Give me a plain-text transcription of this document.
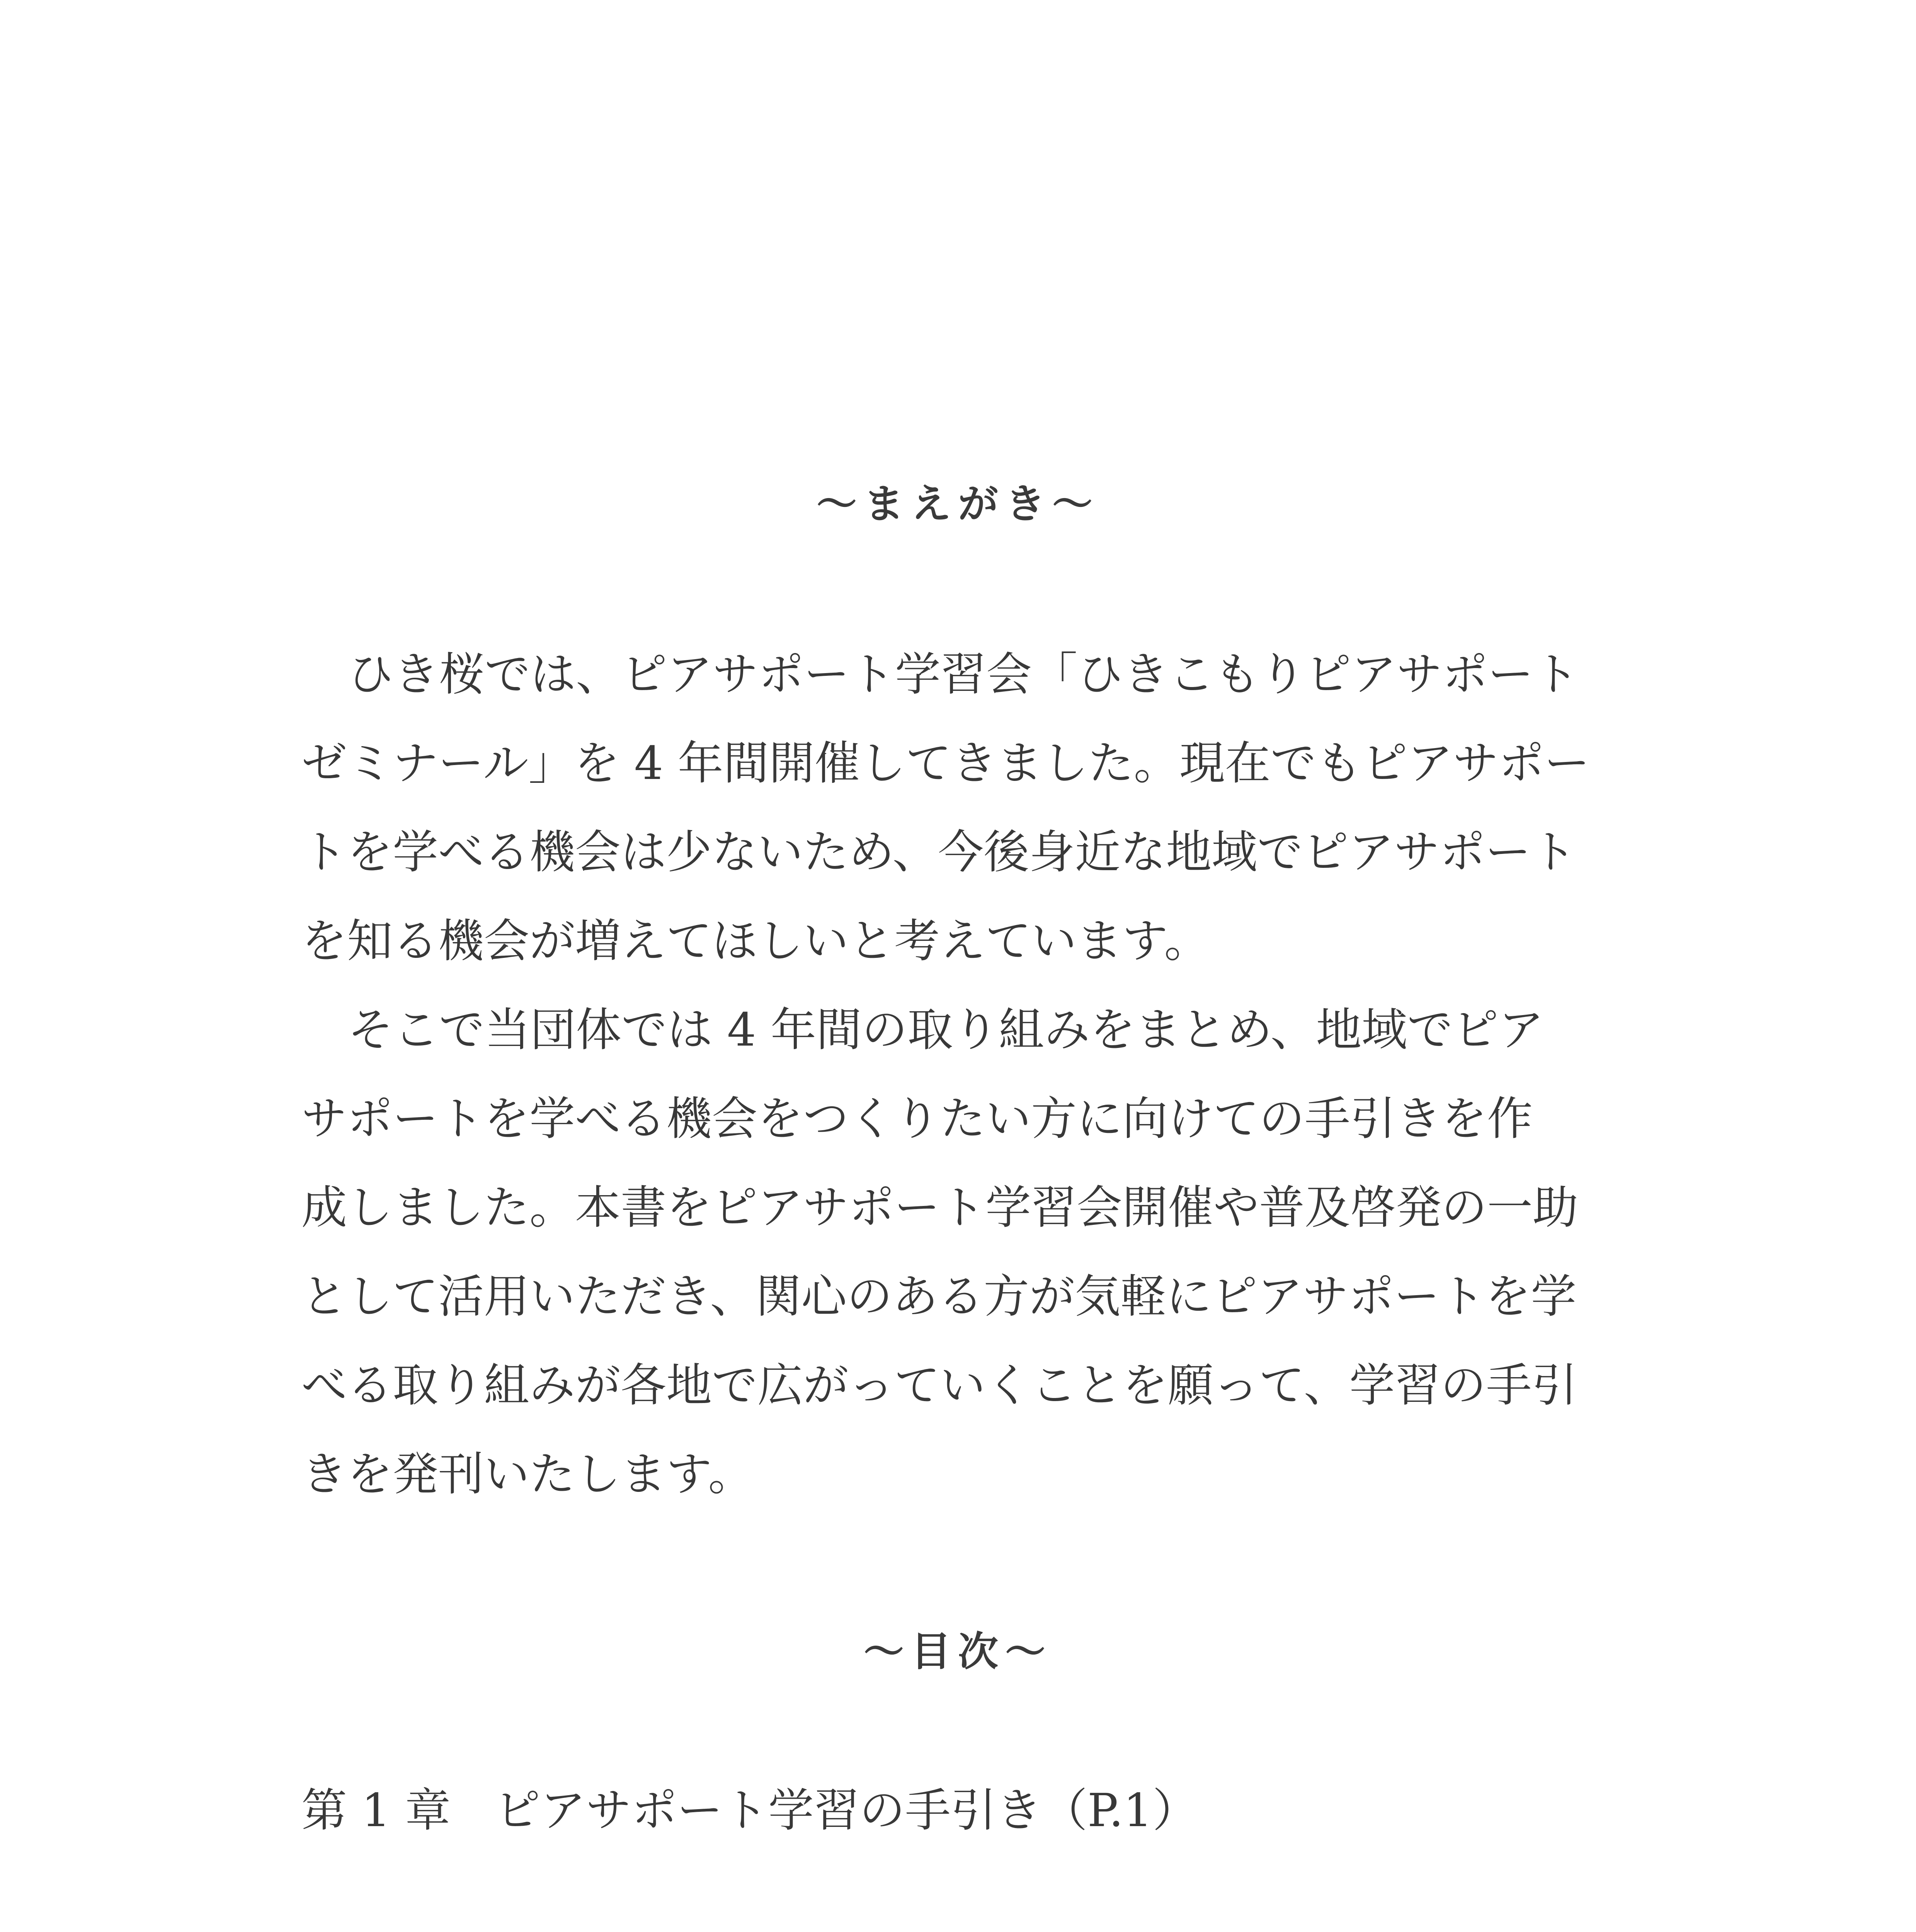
～まえがき～
ひき桜では、ピアサポート学習会「ひきこもりピアサポート
ゼミナール」を 4 年間開催してきました。現在でもピアサポー
トを学べる機会は少ないため、今後身近な地域でピアサポート
を知る機会が増えてほしいと考えています。
そこで当団体では 4 年間の取り組みをまとめ、地域でピア
サポートを学べる機会をつくりたい方に向けての手引きを作
成しました。本書をピアサポート学習会開催や普及啓発の一助
として活用いただき、関心のある方が気軽にピアサポートを学
べる取り組みが各地で広がっていくことを願って、学習の手引
きを発刊いたします。
～目次～
第 1 章 ピアサポート学習の手引き（P.1）
